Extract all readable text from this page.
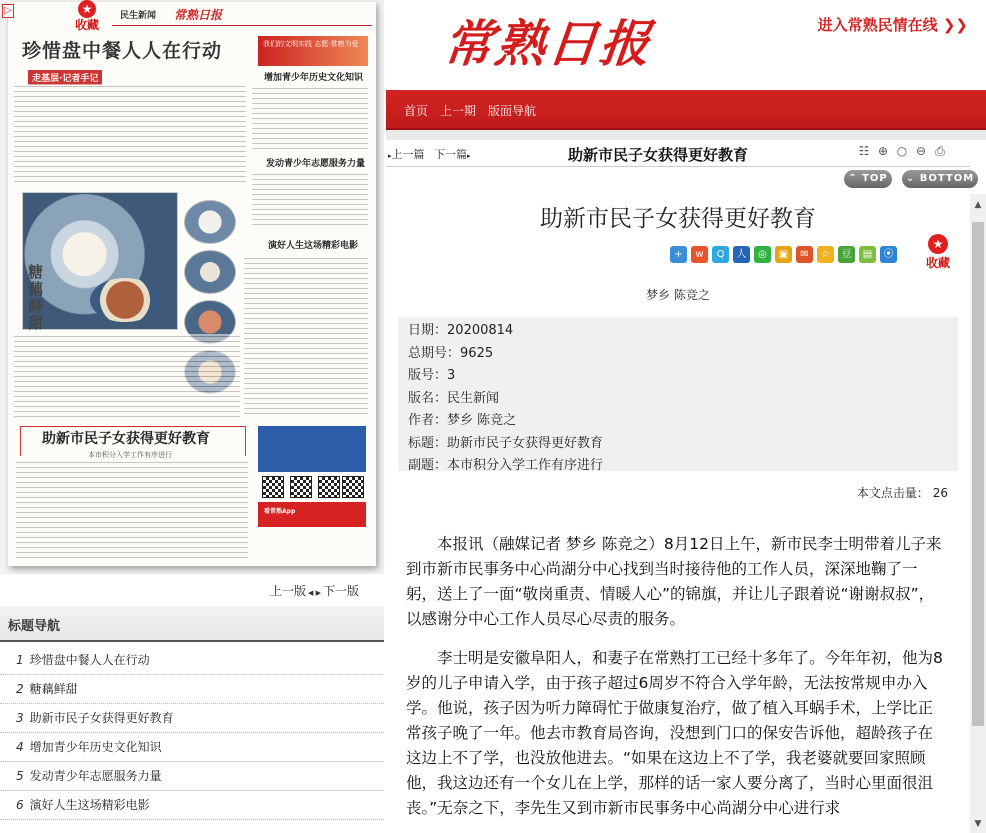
▷	★
收藏
民生新闻 常熟日报
珍惜盘中餐人人在行动
走基层·记者手记
我们的文明实践 志愿·常熟为爱
增加青少年历史文化知识
发动青少年志愿服务力量
演好人生这场精彩电影
糖藕鲜甜
助新市民子女获得更好教育
本市积分入学工作有序进行
看常熟App
上一版 ◀ ▶ 下一版
标题导航
1 珍惜盘中餐人人在行动
2 糖藕鲜甜
3 助新市民子女获得更好教育
4 增加青少年历史文化知识
5 发动青少年志愿服务力量
6 演好人生这场精彩电影
常熟日报	进入常熟民情在线 ❯❯
首页 上一期 版面导航
▸上一篇 下一篇▸	助新市民子女获得更好教育	☷ ⊕ ○ ⊖ ⎙
⌃ TOP	⌄ BOTTOM
助新市民子女获得更好教育
+ w Q 人 ◎ ▣ ✉ ☆ 豆 ▤ ⦿
★
收藏
梦乡 陈竞之
日期：20200814
总期号：9625
版号：3
版名：民生新闻
作者：梦乡 陈竞之
标题：助新市民子女获得更好教育
副题：本市积分入学工作有序进行
本文点击量： 26

本报讯（融媒记者 梦乡 陈竞之）8月12日上午，新市民李士明带着儿子来到市新市民事务中心尚湖分中心找到当时接待他的工作人员，深深地鞠了一躬，送上了一面“敬岗重责、情暖人心”的锦旗，并让儿子跟着说“谢谢叔叔”，以感谢分中心工作人员尽心尽责的服务。

李士明是安徽阜阳人，和妻子在常熟打工已经十多年了。今年年初，他为8岁的儿子申请入学，由于孩子超过6周岁不符合入学年龄，无法按常规申办入学。他说，孩子因为听力障碍忙于做康复治疗，做了植入耳蜗手术，上学比正常孩子晚了一年。他去市教育局咨询，没想到门口的保安告诉他，超龄孩子在这边上不了学，也没放他进去。“如果在这边上不了学，我老婆就要回家照顾他，我这边还有一个女儿在上学，那样的话一家人要分离了，当时心里面很沮丧。”无奈之下，李先生又到市新市民事务中心尚湖分中心进行求

▲
▼
